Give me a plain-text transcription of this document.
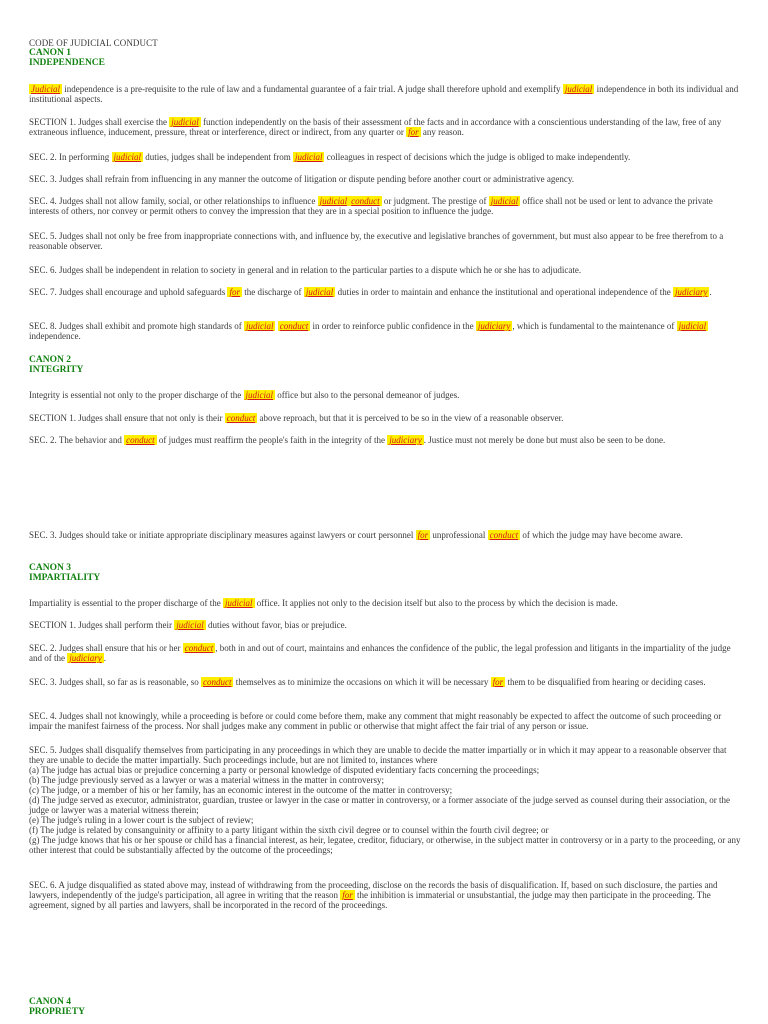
CODE OF JUDICIAL CONDUCT
CANON 1
INDEPENDENCE
Judicial independence is a pre-requisite to the rule of law and a fundamental guarantee of a fair trial. A judge shall therefore uphold and exemplify judicial independence in both its individual and institutional aspects.
SECTION 1. Judges shall exercise the judicial function independently on the basis of their assessment of the facts and in accordance with a conscientious understanding of the law, free of any extraneous influence, inducement, pressure, threat or interference, direct or indirect, from any quarter or for any reason.
SEC. 2. In performing judicial duties, judges shall be independent from judicial colleagues in respect of decisions which the judge is obliged to make independently.
SEC. 3. Judges shall refrain from influencing in any manner the outcome of litigation or dispute pending before another court or administrative agency.
SEC. 4. Judges shall not allow family, social, or other relationships to influence judicial conduct or judgment. The prestige of judicial office shall not be used or lent to advance the private interests of others, nor convey or permit others to convey the impression that they are in a special position to influence the judge.
SEC. 5. Judges shall not only be free from inappropriate connections with, and influence by, the executive and legislative branches of government, but must also appear to be free therefrom to a reasonable observer.
SEC. 6. Judges shall be independent in relation to society in general and in relation to the particular parties to a dispute which he or she has to adjudicate.
SEC. 7. Judges shall encourage and uphold safeguards for the discharge of judicial duties in order to maintain and enhance the institutional and operational independence of the judiciary .
SEC. 8. Judges shall exhibit and promote high standards of judicial conduct in order to reinforce public confidence in the judiciary , which is fundamental to the maintenance of judicial independence.
CANON 2
INTEGRITY
Integrity is essential not only to the proper discharge of the judicial office but also to the personal demeanor of judges.
SECTION 1. Judges shall ensure that not only is their conduct above reproach, but that it is perceived to be so in the view of a reasonable observer.
SEC. 2. The behavior and conduct of judges must reaffirm the people's faith in the integrity of the judiciary . Justice must not merely be done but must also be seen to be done.
SEC. 3. Judges should take or initiate appropriate disciplinary measures against lawyers or court personnel for unprofessional conduct of which the judge may have become aware.
CANON 3
IMPARTIALITY
Impartiality is essential to the proper discharge of the judicial office. It applies not only to the decision itself but also to the process by which the decision is made.
SECTION 1. Judges shall perform their judicial duties without favor, bias or prejudice.
SEC. 2. Judges shall ensure that his or her conduct , both in and out of court, maintains and enhances the confidence of the public, the legal profession and litigants in the impartiality of the judge and of the judiciary .
SEC. 3. Judges shall, so far as is reasonable, so conduct themselves as to minimize the occasions on which it will be necessary for them to be disqualified from hearing or deciding cases.
SEC. 4. Judges shall not knowingly, while a proceeding is before or could come before them, make any comment that might reasonably be expected to affect the outcome of such proceeding or impair the manifest fairness of the process. Nor shall judges make any comment in public or otherwise that might affect the fair trial of any person or issue.
SEC. 5. Judges shall disqualify themselves from participating in any proceedings in which they are unable to decide the matter impartially or in which it may appear to a reasonable observer that they are unable to decide the matter impartially. Such proceedings include, but are not limited to, instances where
(a) The judge has actual bias or prejudice concerning a party or personal knowledge of disputed evidentiary facts concerning the proceedings;
(b) The judge previously served as a lawyer or was a material witness in the matter in controversy;
(c) The judge, or a member of his or her family, has an economic interest in the outcome of the matter in controversy;
(d) The judge served as executor, administrator, guardian, trustee or lawyer in the case or matter in controversy, or a former associate of the judge served as counsel during their association, or the judge or lawyer was a material witness therein;
(e) The judge's ruling in a lower court is the subject of review;
(f) The judge is related by consanguinity or affinity to a party litigant within the sixth civil degree or to counsel within the fourth civil degree; or
(g) The judge knows that his or her spouse or child has a financial interest, as heir, legatee, creditor, fiduciary, or otherwise, in the subject matter in controversy or in a party to the proceeding, or any other interest that could be substantially affected by the outcome of the proceedings;
SEC. 6. A judge disqualified as stated above may, instead of withdrawing from the proceeding, disclose on the records the basis of disqualification. If, based on such disclosure, the parties and lawyers, independently of the judge's participation, all agree in writing that the reason for the inhibition is immaterial or unsubstantial, the judge may then participate in the proceeding. The agreement, signed by all parties and lawyers, shall be incorporated in the record of the proceedings.
CANON 4
PROPRIETY
